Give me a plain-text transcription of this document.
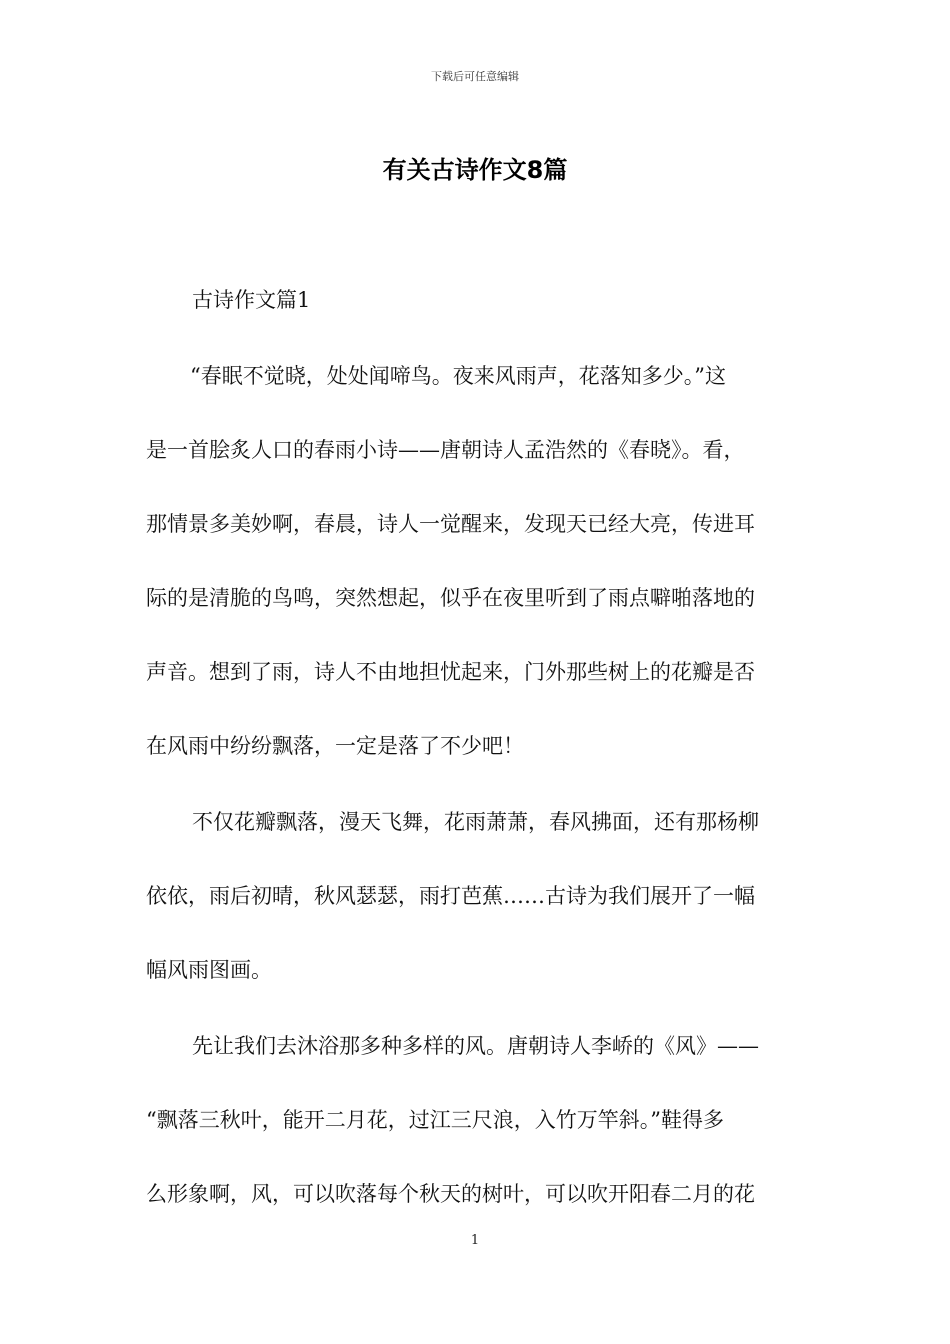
下载后可任意编辑
有关古诗作文8篇
古诗作文篇1
“春眠不觉晓，处处闻啼鸟。夜来风雨声，花落知多少。”这
是一首脍炙人口的春雨小诗——唐朝诗人孟浩然的《春晓》。看，
那情景多美妙啊，春晨，诗人一觉醒来，发现天已经大亮，传进耳
际的是清脆的鸟鸣，突然想起，似乎在夜里听到了雨点噼啪落地的
声音。想到了雨，诗人不由地担忧起来，门外那些树上的花瓣是否
在风雨中纷纷飘落，一定是落了不少吧！
不仅花瓣飘落，漫天飞舞，花雨萧萧，春风拂面，还有那杨柳
依依，雨后初晴，秋风瑟瑟，雨打芭蕉……古诗为我们展开了一幅
幅风雨图画。
先让我们去沐浴那多种多样的风。唐朝诗人李峤的《风》——
“飘落三秋叶，能开二月花，过江三尺浪，入竹万竿斜。”鞋得多
么形象啊，风，可以吹落每个秋天的树叶，可以吹开阳春二月的花
1
